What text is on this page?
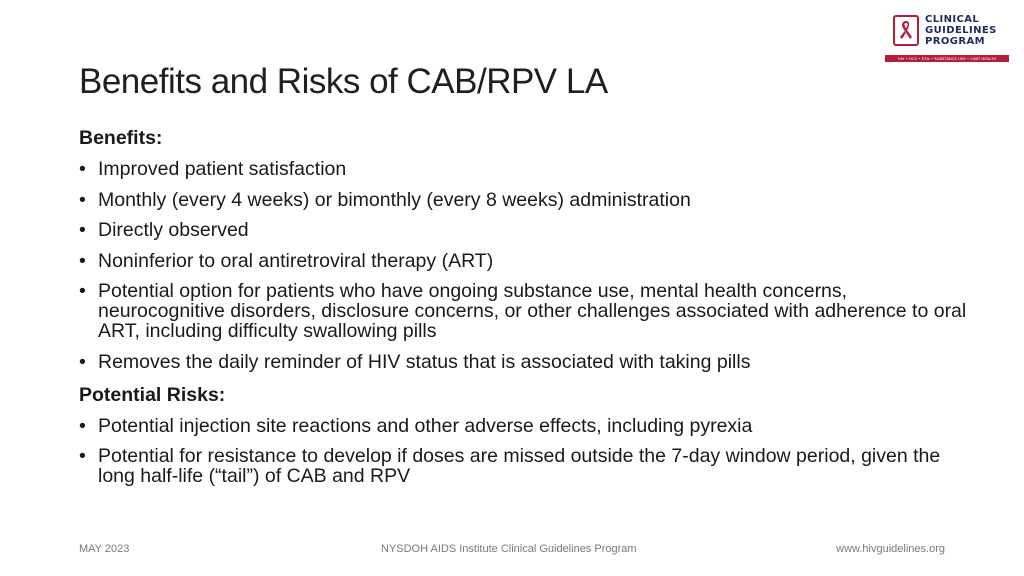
CLINICAL
GUIDELINES
PROGRAM
HIV • HCV • STIs • SUBSTANCE USE • LGBT HEALTH
Benefits and Risks of CAB/RPV LA
Benefits:
• Improved patient satisfaction
• Monthly (every 4 weeks) or bimonthly (every 8 weeks) administration
• Directly observed
• Noninferior to oral antiretroviral therapy (ART)
• Potential option for patients who have ongoing substance use, mental health concerns, neurocognitive disorders, disclosure concerns, or other challenges associated with adherence to oral ART, including difficulty swallowing pills
• Removes the daily reminder of HIV status that is associated with taking pills
Potential Risks:
• Potential injection site reactions and other adverse effects, including pyrexia
• Potential for resistance to develop if doses are missed outside the 7-day window period, given the long half-life (“tail”) of CAB and RPV
MAY 2023	NYSDOH AIDS Institute Clinical Guidelines Program	www.hivguidelines.org
